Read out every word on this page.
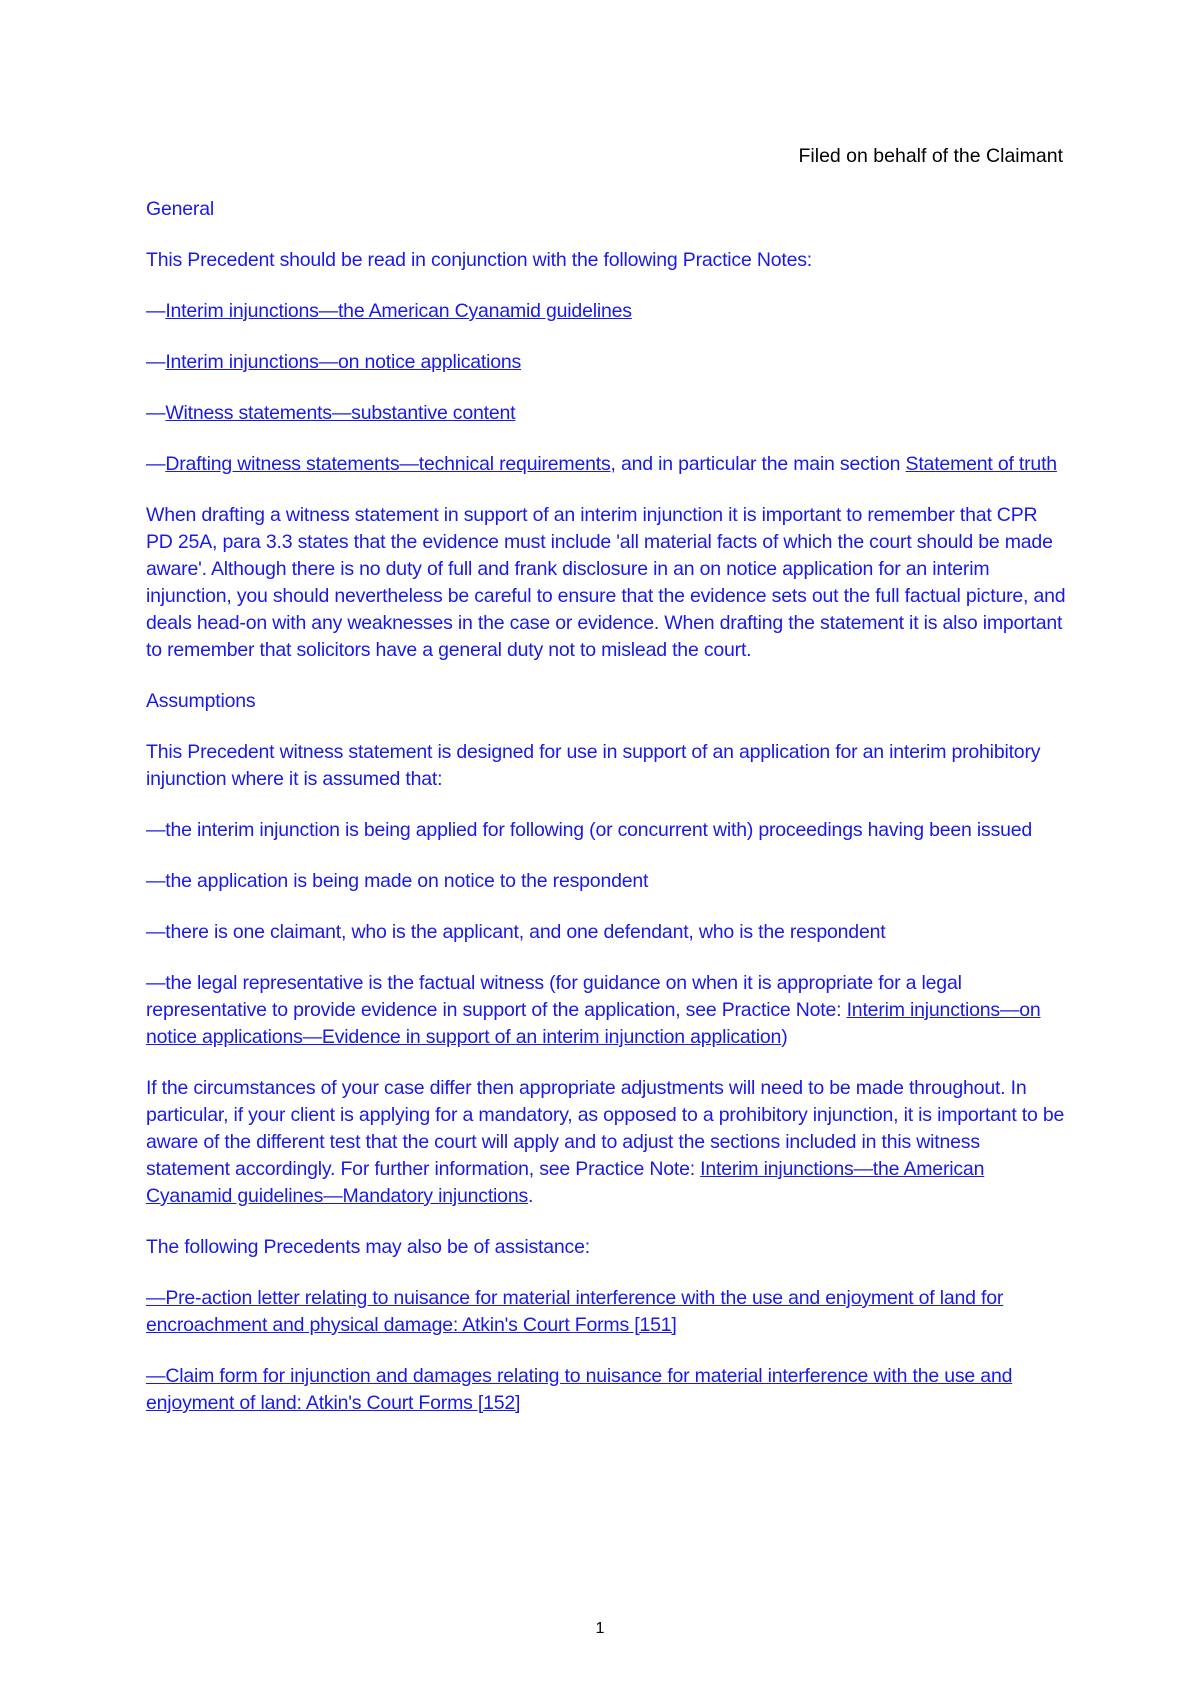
Filed on behalf of the Claimant

General

This Precedent should be read in conjunction with the following Practice Notes:

—Interim injunctions—the American Cyanamid guidelines

—Interim injunctions—on notice applications

—Witness statements—substantive content

—Drafting witness statements—technical requirements, and in particular the main section Statement of truth

When drafting a witness statement in support of an interim injunction it is important to remember that CPR PD 25A, para 3.3 states that the evidence must include 'all material facts of which the court should be made aware'. Although there is no duty of full and frank disclosure in an on notice application for an interim injunction, you should nevertheless be careful to ensure that the evidence sets out the full factual picture, and deals head-on with any weaknesses in the case or evidence. When drafting the statement it is also important to remember that solicitors have a general duty not to mislead the court.

Assumptions

This Precedent witness statement is designed for use in support of an application for an interim prohibitory injunction where it is assumed that:

—the interim injunction is being applied for following (or concurrent with) proceedings having been issued

—the application is being made on notice to the respondent

—there is one claimant, who is the applicant, and one defendant, who is the respondent

—the legal representative is the factual witness (for guidance on when it is appropriate for a legal representative to provide evidence in support of the application, see Practice Note: Interim injunctions—on notice applications—Evidence in support of an interim injunction application)

If the circumstances of your case differ then appropriate adjustments will need to be made throughout. In particular, if your client is applying for a mandatory, as opposed to a prohibitory injunction, it is important to be aware of the different test that the court will apply and to adjust the sections included in this witness statement accordingly. For further information, see Practice Note: Interim injunctions—the American Cyanamid guidelines—Mandatory injunctions.

The following Precedents may also be of assistance:

—Pre-action letter relating to nuisance for material interference with the use and enjoyment of land for encroachment and physical damage: Atkin's Court Forms [151]

—Claim form for injunction and damages relating to nuisance for material interference with the use and enjoyment of land: Atkin's Court Forms [152]

1
